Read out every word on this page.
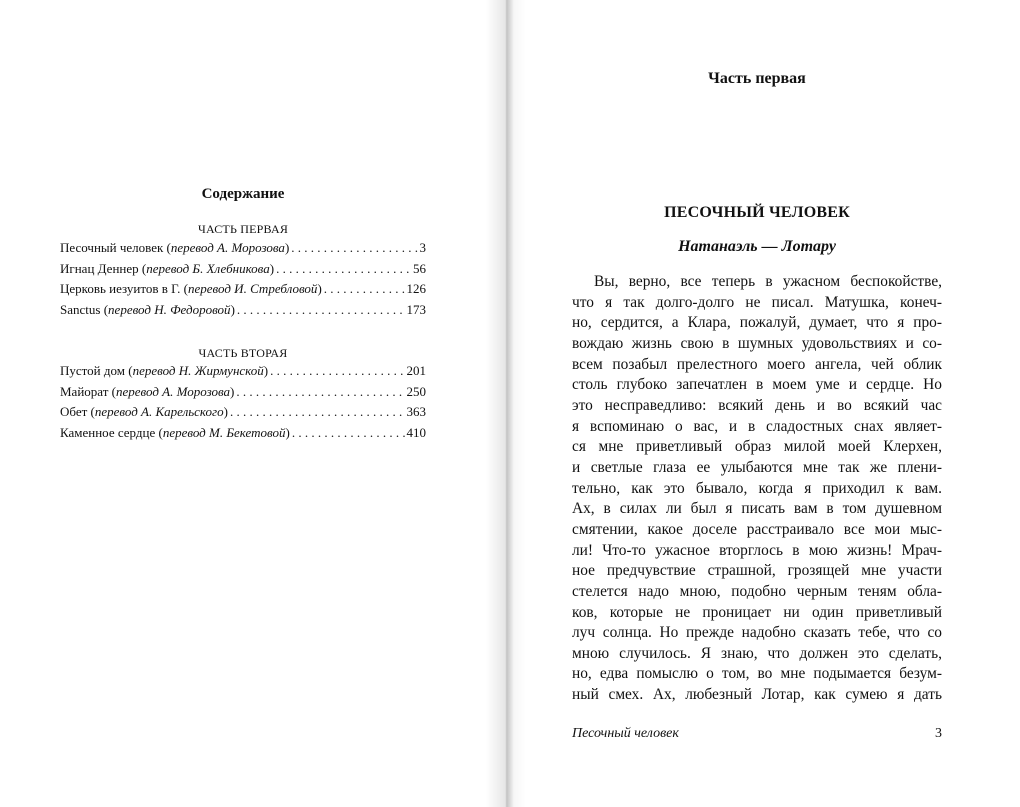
Содержание
ЧАСТЬ ПЕРВАЯ
Песочный человек (перевод А. Морозова) . . .	3
Игнац Деннер (перевод Б. Хлебникова) . . .	56
Церковь иезуитов в Г. (перевод И. Стребловой) . . .	126
Sanctus (перевод Н. Федоровой) . . .	173
ЧАСТЬ ВТОРАЯ
Пустой дом (перевод Н. Жирмунской) . . .	201
Майорат (перевод А. Морозова) . . .	250
Обет (перевод А. Карельского) . . .	363
Каменное сердце (перевод М. Бекетовой) . . .	410
Часть первая
ПЕСОЧНЫЙ ЧЕЛОВЕК
Натанаэль — Лотару
Вы, верно, все теперь в ужасном беспокойстве,
что я так долго-долго не писал. Матушка, конеч-
но, сердится, а Клара, пожалуй, думает, что я про-
вождаю жизнь свою в шумных удовольствиях и со-
всем позабыл прелестного моего ангела, чей облик
столь глубоко запечатлен в моем уме и сердце. Но
это несправедливо: всякий день и во всякий час
я вспоминаю о вас, и в сладостных снах являет-
ся мне приветливый образ милой моей Клерхен,
и светлые глаза ее улыбаются мне так же плени-
тельно, как это бывало, когда я приходил к вам.
Ах, в силах ли был я писать вам в том душевном
смятении, какое доселе расстраивало все мои мыс-
ли! Что-то ужасное вторглось в мою жизнь! Мрач-
ное предчувствие страшной, грозящей мне участи
стелется надо мною, подобно черным теням обла-
ков, которые не проницает ни один приветливый
луч солнца. Но прежде надобно сказать тебе, что со
мною случилось. Я знаю, что должен это сделать,
но, едва помыслю о том, во мне подымается безум-
ный смех. Ах, любезный Лотар, как сумею я дать
Песочный человек	3
